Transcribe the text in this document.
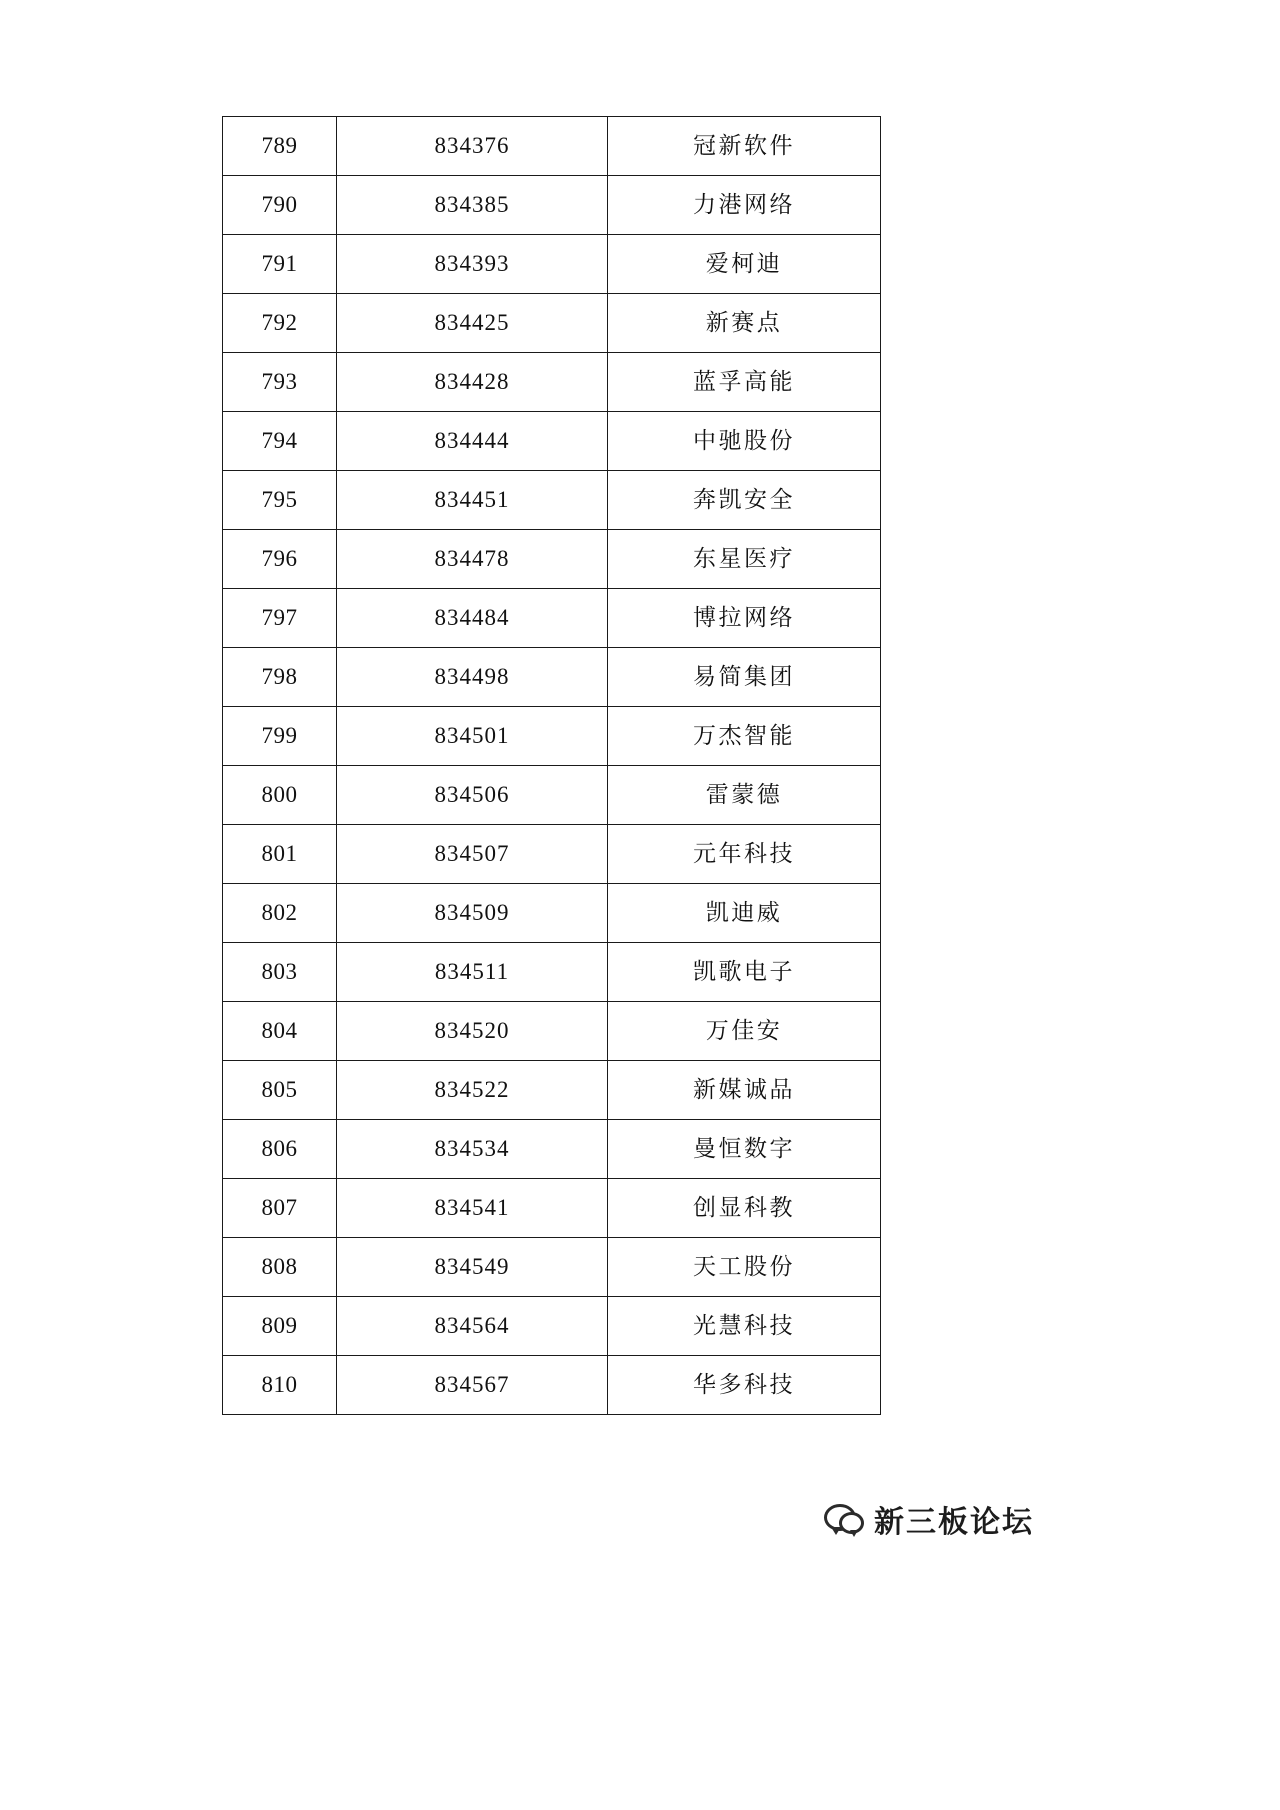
789	834376	冠新软件
790	834385	力港网络
791	834393	爱柯迪
792	834425	新赛点
793	834428	蓝孚高能
794	834444	中驰股份
795	834451	奔凯安全
796	834478	东星医疗
797	834484	博拉网络
798	834498	易简集团
799	834501	万杰智能
800	834506	雷蒙德
801	834507	元年科技
802	834509	凯迪威
803	834511	凯歌电子
804	834520	万佳安
805	834522	新媒诚品
806	834534	曼恒数字
807	834541	创显科教
808	834549	天工股份
809	834564	光慧科技
810	834567	华多科技
新三板论坛
